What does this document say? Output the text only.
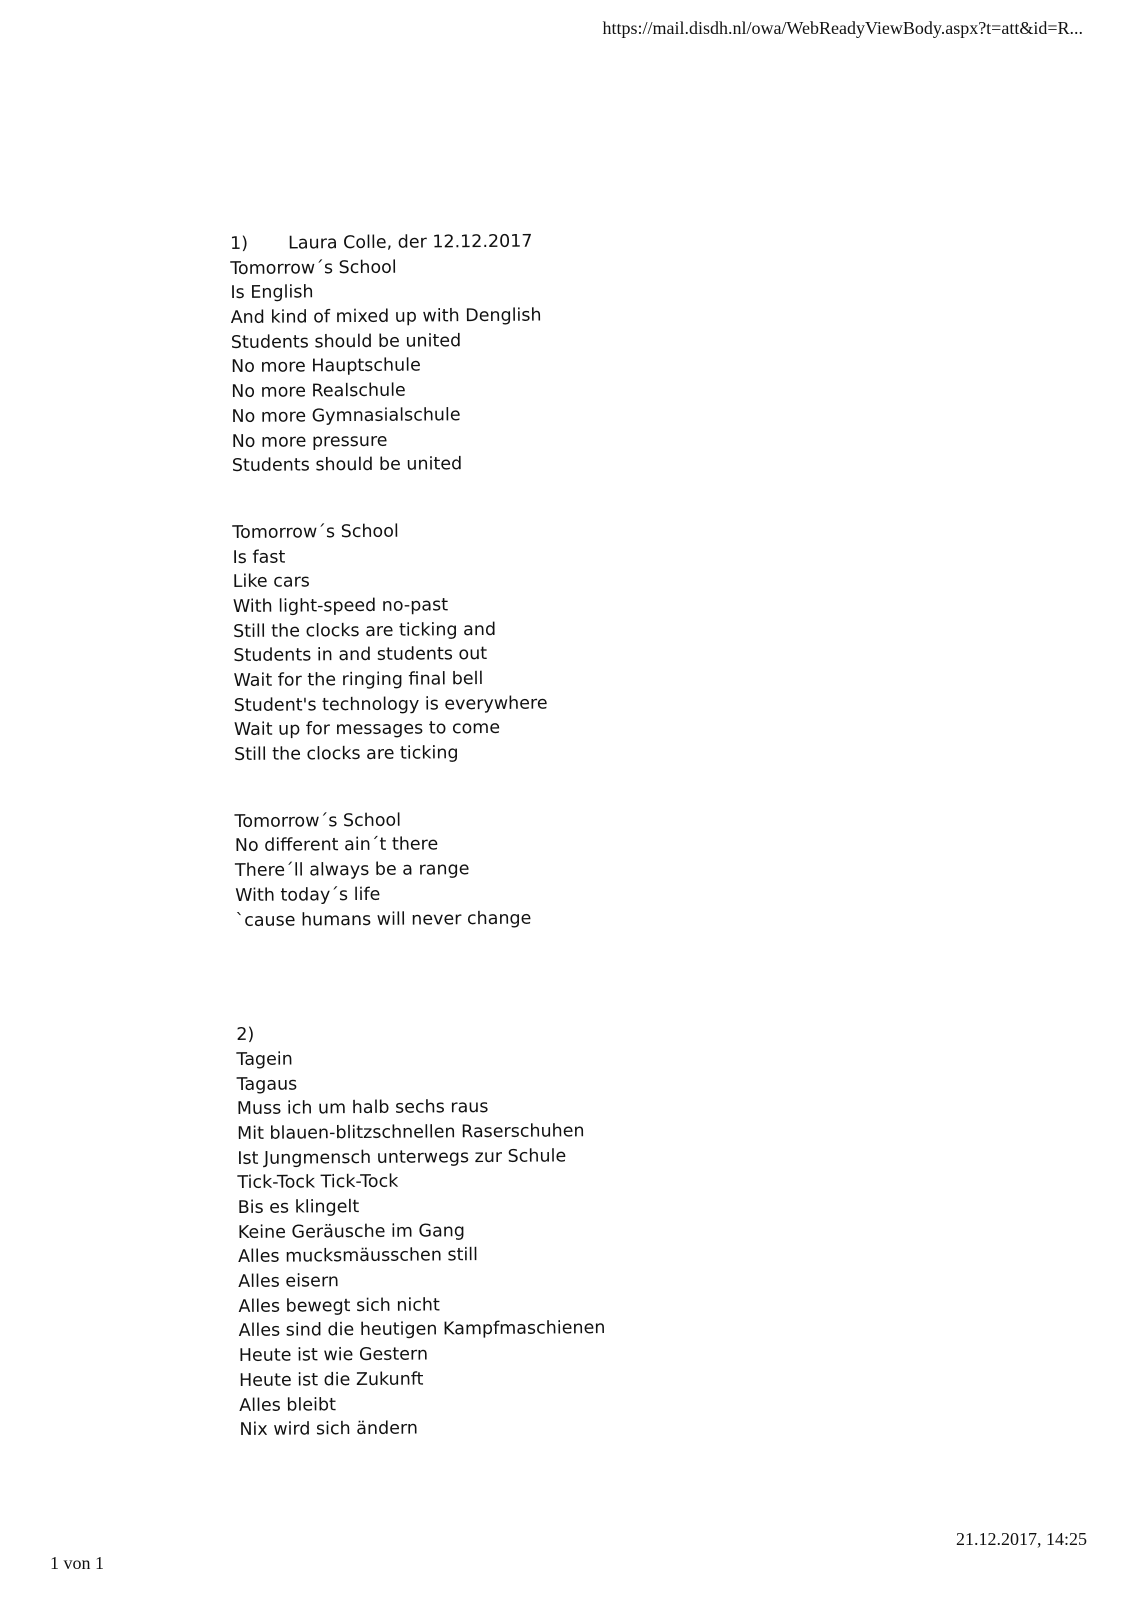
https://mail.disdh.nl/owa/WebReadyViewBody.aspx?t=att&id=R...
1) Laura Colle, der 12.12.2017
Tomorrow´s School
Is English
And kind of mixed up with Denglish
Students should be united
No more Hauptschule
No more Realschule
No more Gymnasialschule
No more pressure
Students should be united
Tomorrow´s School
Is fast
Like cars
With light-speed no-past
Still the clocks are ticking and
Students in and students out
Wait for the ringing final bell
Student's technology is everywhere
Wait up for messages to come
Still the clocks are ticking
Tomorrow´s School
No different ain´t there
There´ll always be a range
With today´s life
`cause humans will never change
2)
Tagein
Tagaus
Muss ich um halb sechs raus
Mit blauen-blitzschnellen Raserschuhen
Ist Jungmensch unterwegs zur Schule
Tick-Tock Tick-Tock
Bis es klingelt
Keine Geräusche im Gang
Alles mucksmäusschen still
Alles eisern
Alles bewegt sich nicht
Alles sind die heutigen Kampfmaschienen
Heute ist wie Gestern
Heute ist die Zukunft
Alles bleibt
Nix wird sich ändern
1 von 1
21.12.2017, 14:25
